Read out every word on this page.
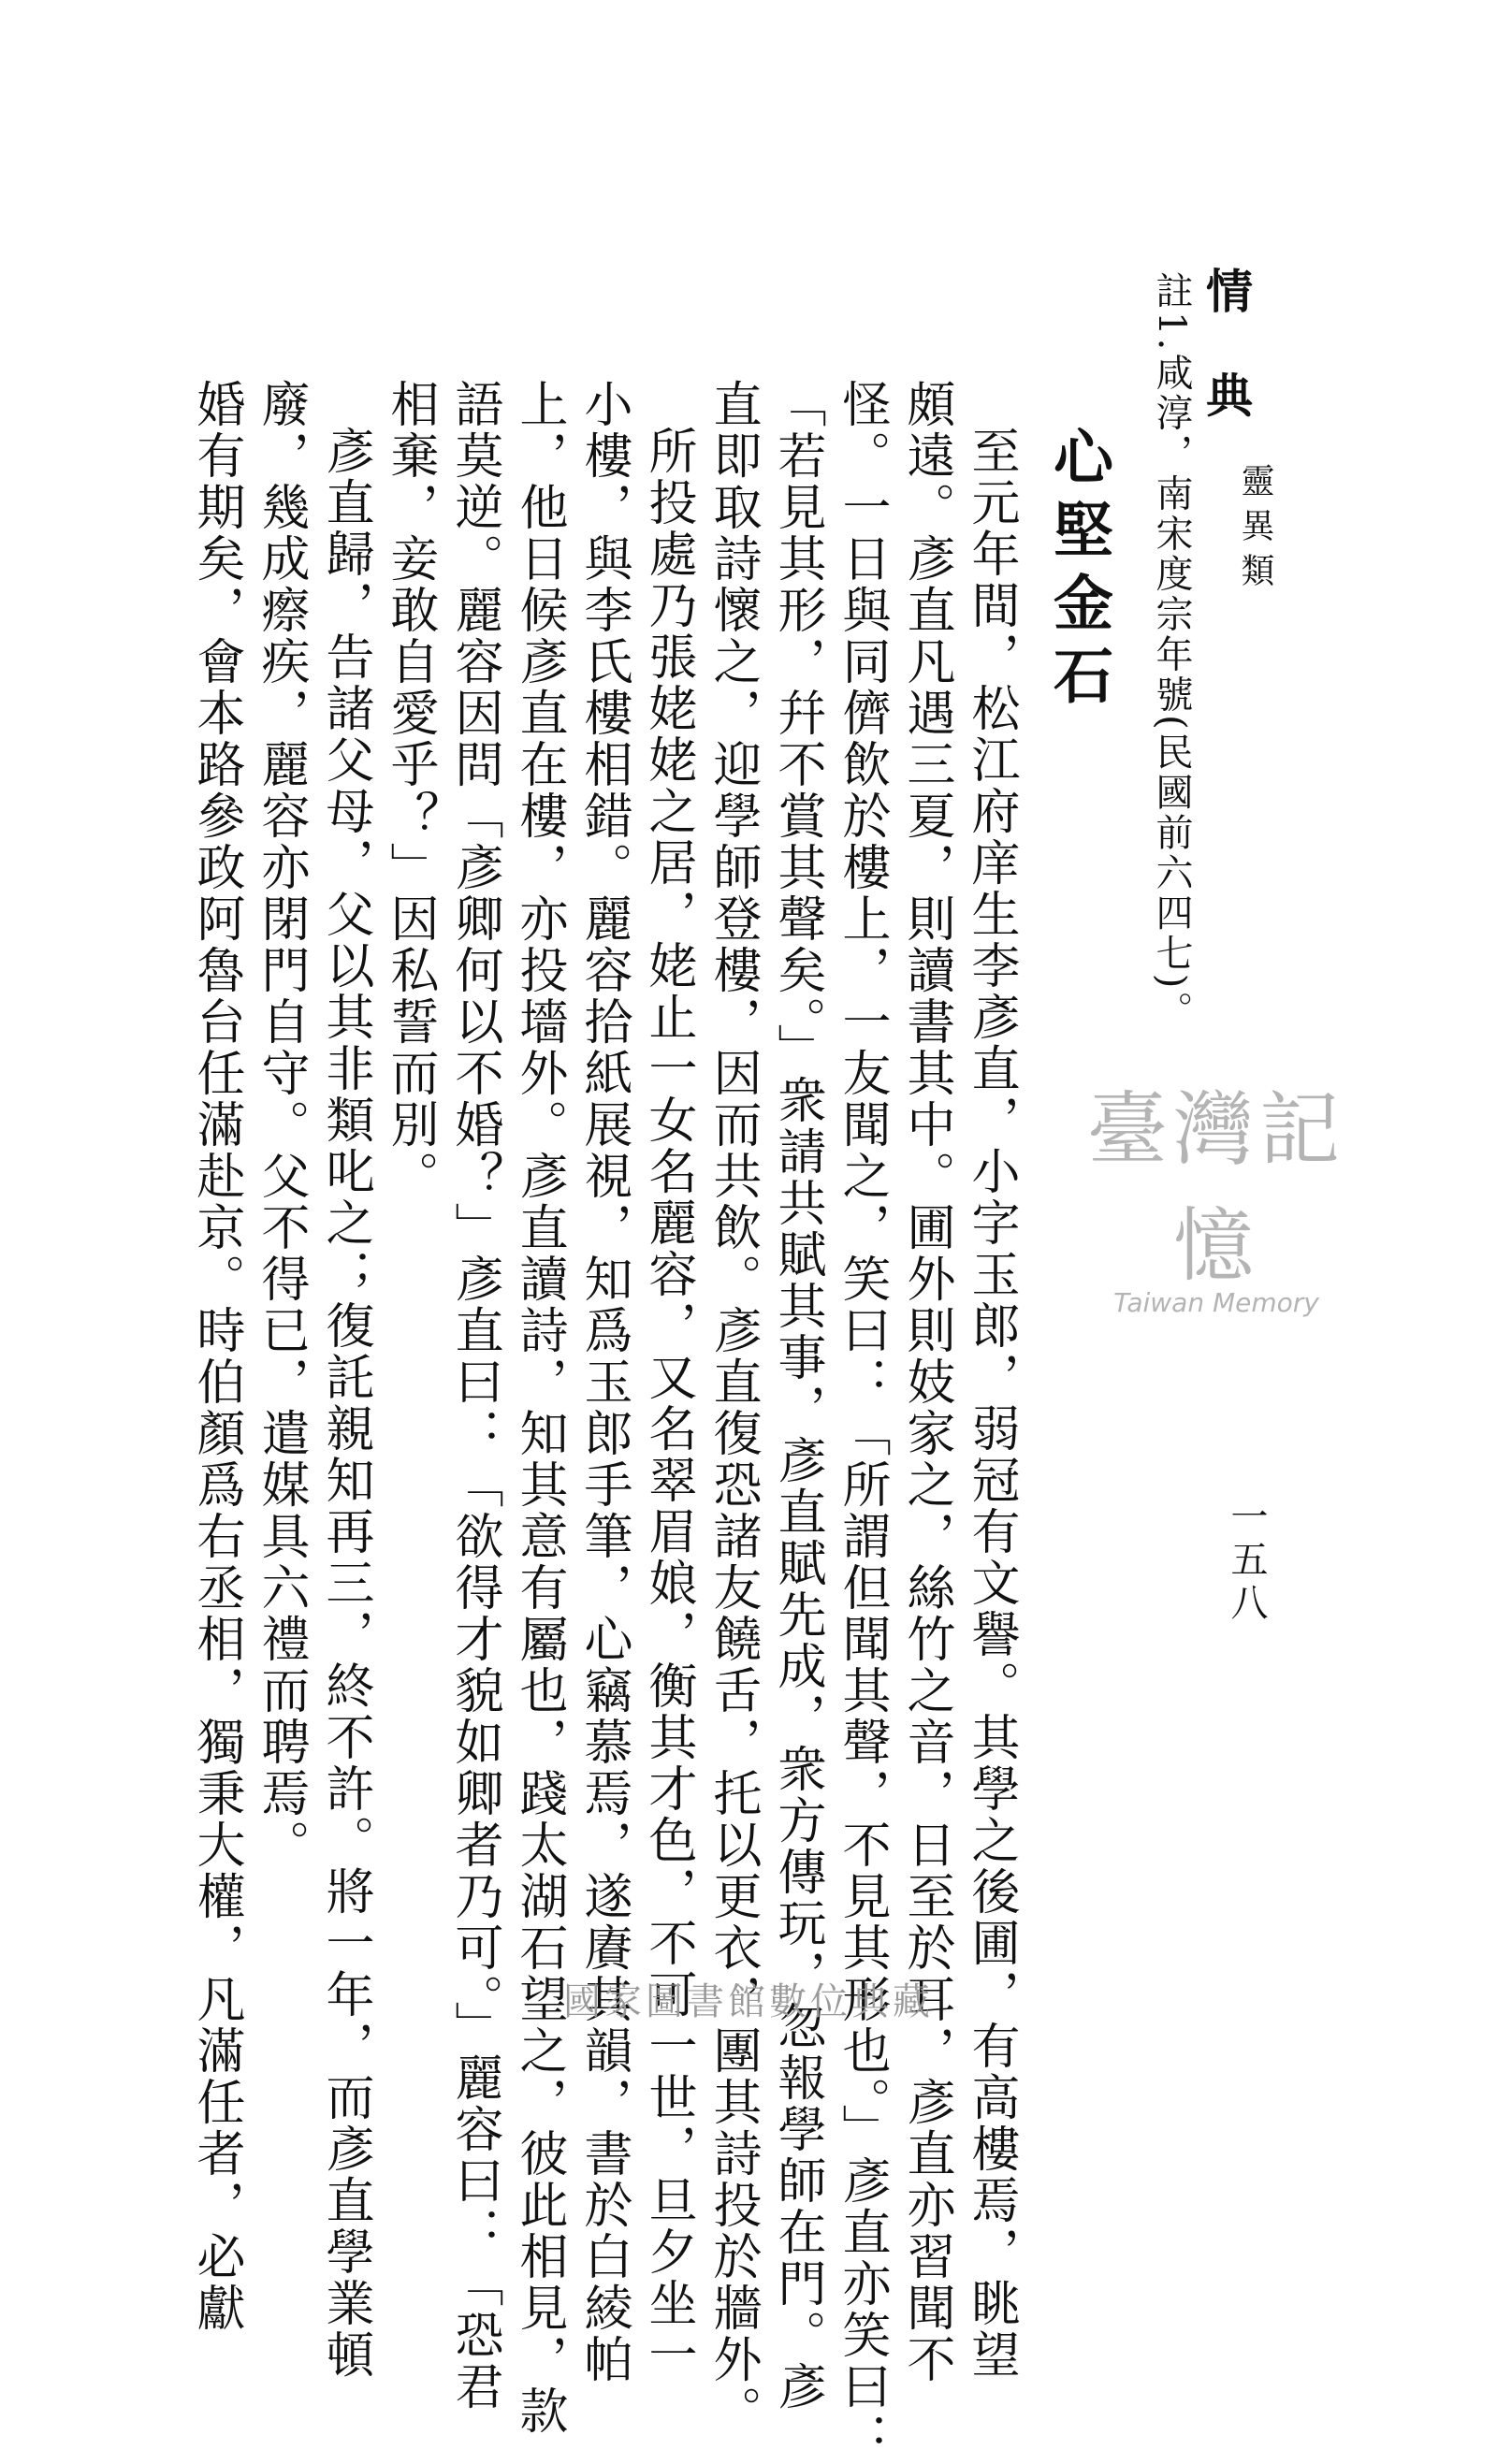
情 典
靈異類
一五八
註1.咸淳，南宋度宗年號(民國前六四七)。
心堅金石
至元年間，松江府庠生李彥直，小字玉郎，弱冠有文譽。其學之後圃，有高樓焉，眺望
頗遠。彥直凡遇三夏，則讀書其中。圃外則妓家之，絲竹之音，日至於耳，彥直亦習聞不
怪。一日與同儕飲於樓上，一友聞之，笑曰：「所謂但聞其聲，不見其形也。」彥直亦笑曰：
「若見其形，幷不賞其聲矣。」衆請共賦其事，彥直賦先成，衆方傳玩，忽報學師在門。彥
直即取詩懷之，迎學師登樓，因而共飲。彥直復恐諸友饒舌，托以更衣，團其詩投於牆外。
所投處乃張姥姥之居，姥止一女名麗容，又名翠眉娘，衡其才色，不可一世，旦夕坐一
小樓，與李氏樓相錯。麗容拾紙展視，知爲玉郎手筆，心竊慕焉，遂賡其韻，書於白綾帕
上，他日候彥直在樓，亦投墻外。彥直讀詩，知其意有屬也，踐太湖石望之，彼此相見，款
語莫逆。麗容因問「彥卿何以不婚？」彥直曰：「欲得才貌如卿者乃可。」麗容曰：「恐君
相棄，妾敢自愛乎？」因私誓而別。
彥直歸，告諸父母，父以其非類叱之；復託親知再三，終不許。將一年，而彥直學業頓
廢，幾成瘵疾，麗容亦閉門自守。父不得已，遣媒具六禮而聘焉。
婚有期矣，會本路參政阿魯台任滿赴京。時伯顏爲右丞相，獨秉大權，凡滿任者，必獻	臺灣記憶
Taiwan Memory
國家圖書館數位典藏
